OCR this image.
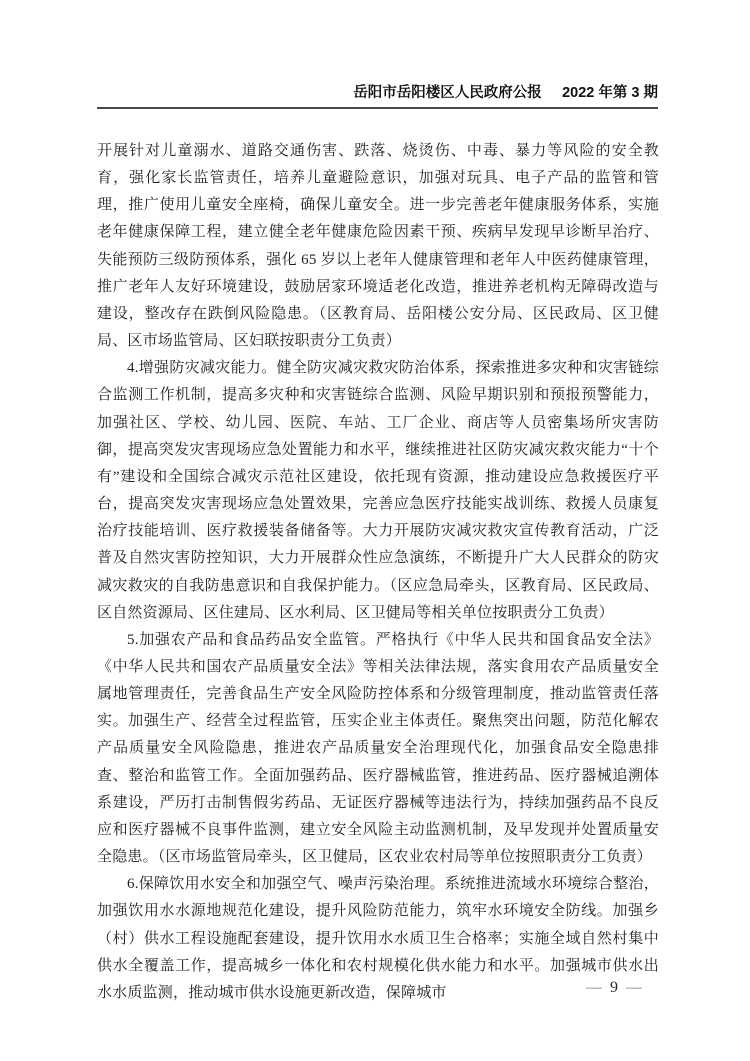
岳阳市岳阳楼区人民政府公报 2022 年第 3 期

开展针对儿童溺水、道路交通伤害、跌落、烧烫伤、中毒、暴力等风险的安全教育，强化家长监管责任，培养儿童避险意识，加强对玩具、电子产品的监管和管理，推广使用儿童安全座椅，确保儿童安全。进一步完善老年健康服务体系，实施老年健康保障工程，建立健全老年健康危险因素干预、疾病早发现早诊断早治疗、失能预防三级防预体系，强化 65 岁以上老年人健康管理和老年人中医药健康管理，推广老年人友好环境建设，鼓励居家环境适老化改造，推进养老机构无障碍改造与建设，整改存在跌倒风险隐患。（区教育局、岳阳楼公安分局、区民政局、区卫健局、区市场监管局、区妇联按职责分工负责）

4.增强防灾减灾能力。健全防灾减灾救灾防治体系，探索推进多灾种和灾害链综合监测工作机制，提高多灾种和灾害链综合监测、风险早期识别和预报预警能力，加强社区、学校、幼儿园、医院、车站、工厂企业、商店等人员密集场所灾害防御，提高突发灾害现场应急处置能力和水平，继续推进社区防灾减灾救灾能力“十个有”建设和全国综合减灾示范社区建设，依托现有资源，推动建设应急救援医疗平台，提高突发灾害现场应急处置效果，完善应急医疗技能实战训练、救援人员康复治疗技能培训、医疗救援装备储备等。大力开展防灾减灾救灾宣传教育活动，广泛普及自然灾害防控知识，大力开展群众性应急演练，不断提升广大人民群众的防灾减灾救灾的自我防患意识和自我保护能力。（区应急局牵头，区教育局、区民政局、区自然资源局、区住建局、区水利局、区卫健局等相关单位按职责分工负责）

5.加强农产品和食品药品安全监管。严格执行《中华人民共和国食品安全法》《中华人民共和国农产品质量安全法》等相关法律法规，落实食用农产品质量安全属地管理责任，完善食品生产安全风险防控体系和分级管理制度，推动监管责任落实。加强生产、经营全过程监管，压实企业主体责任。聚焦突出问题，防范化解农产品质量安全风险隐患，推进农产品质量安全治理现代化，加强食品安全隐患排查、整治和监管工作。全面加强药品、医疗器械监管，推进药品、医疗器械追溯体系建设，严历打击制售假劣药品、无证医疗器械等违法行为，持续加强药品不良反应和医疗器械不良事件监测，建立安全风险主动监测机制，及早发现并处置质量安全隐患。（区市场监管局牵头，区卫健局，区农业农村局等单位按照职责分工负责）

6.保障饮用水安全和加强空气、噪声污染治理。系统推进流域水环境综合整治，加强饮用水水源地规范化建设，提升风险防范能力，筑牢水环境安全防线。加强乡（村）供水工程设施配套建设，提升饮用水水质卫生合格率；实施全域自然村集中供水全覆盖工作，提高城乡一体化和农村规模化供水能力和水平。加强城市供水出水水质监测，推动城市供水设施更新改造，保障城市	— 9 —
